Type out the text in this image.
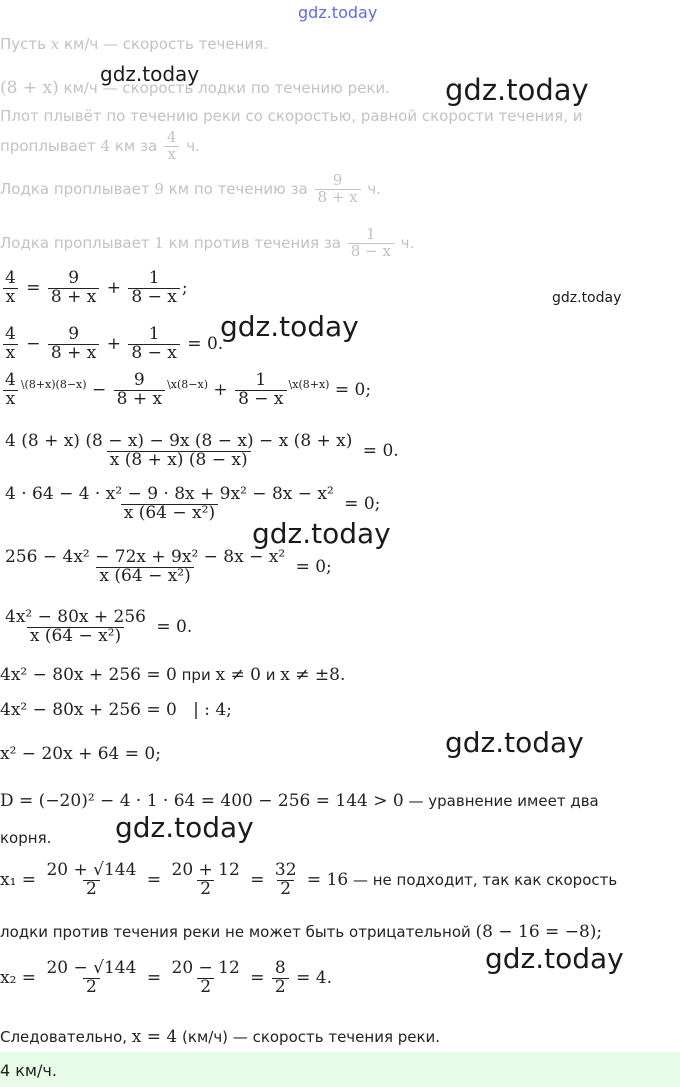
gdz.today
Пусть x км/ч — скорость течения.
(8 + x) км/ч — скорость лодки по течению реки.
Плот плывёт по течению реки со скоростью, равной скорости течения, и
проплывает 4 км за $\frac{4}{x} ч$.
Лодка проплывает 9 км по течению за $\frac{9}{8 + x} ч$.
Лодка проплывает 1 км против течения за $\frac{1}{8 - x} ч$.
$\frac{4}{x} = \frac{9}{8 + x} + \frac{1}{8 - x}$ ;
$\frac{4}{x} - \frac{9}{8 + x} + \frac{1}{8 - x} = 0$.
$\frac{4}{x} ^{\backslash(8+x)(8-x)} - \frac{9}{8 + x} ^{\backslash x(8-x)} + \frac{1}{8 - x} ^{\backslash x(8+x)} = 0$;
$\frac{4 (8 + x) (8 - x) - 9x (8 - x) - x (8 + x)}{x (8 + x) (8 - x)} = 0$.
$\frac{\text{4 · 64 − 4 · x² − 9 · 8x + 9x² − 8x − x²}}{\text{x (64 − x²)}} = 0$;
$\frac{\text{256 − 4x² − 72x + 9x² − 8x − x²}}{\text{x (64 − x²)}} = 0$;
$\frac{\text{4x² − 80x + 256}}{\text{x (64 − x²)}} = 0$.
4x² − 80x + 256 = 0 при x ≠ 0 и x ≠ ±8.
4x² − 80x + 256 = 0   | : 4;
x² − 20x + 64 = 0;
D = (−20)² − 4 · 1 · 64 = 400 − 256 = 144 > 0 — уравнение имеет два
корня.
$x_1 = \frac{20 + √144}{2} = \frac{20 + 12}{2} = \frac{32}{2} = 16$ — не подходит, так как скорость
лодки против течения реки не может быть отрицательной (8 − 16 = −8);
$x_2 = \frac{20 - √144}{2} = \frac{20 - 12}{2} = \frac{8}{2} = 4$.
Следовательно, x = 4 (км/ч) — скорость течения реки.
4 км/ч.
gdz.today	gdz.today
gdz.today
gdz.today
gdz.today
gdz.today
gdz.today
gdz.today
